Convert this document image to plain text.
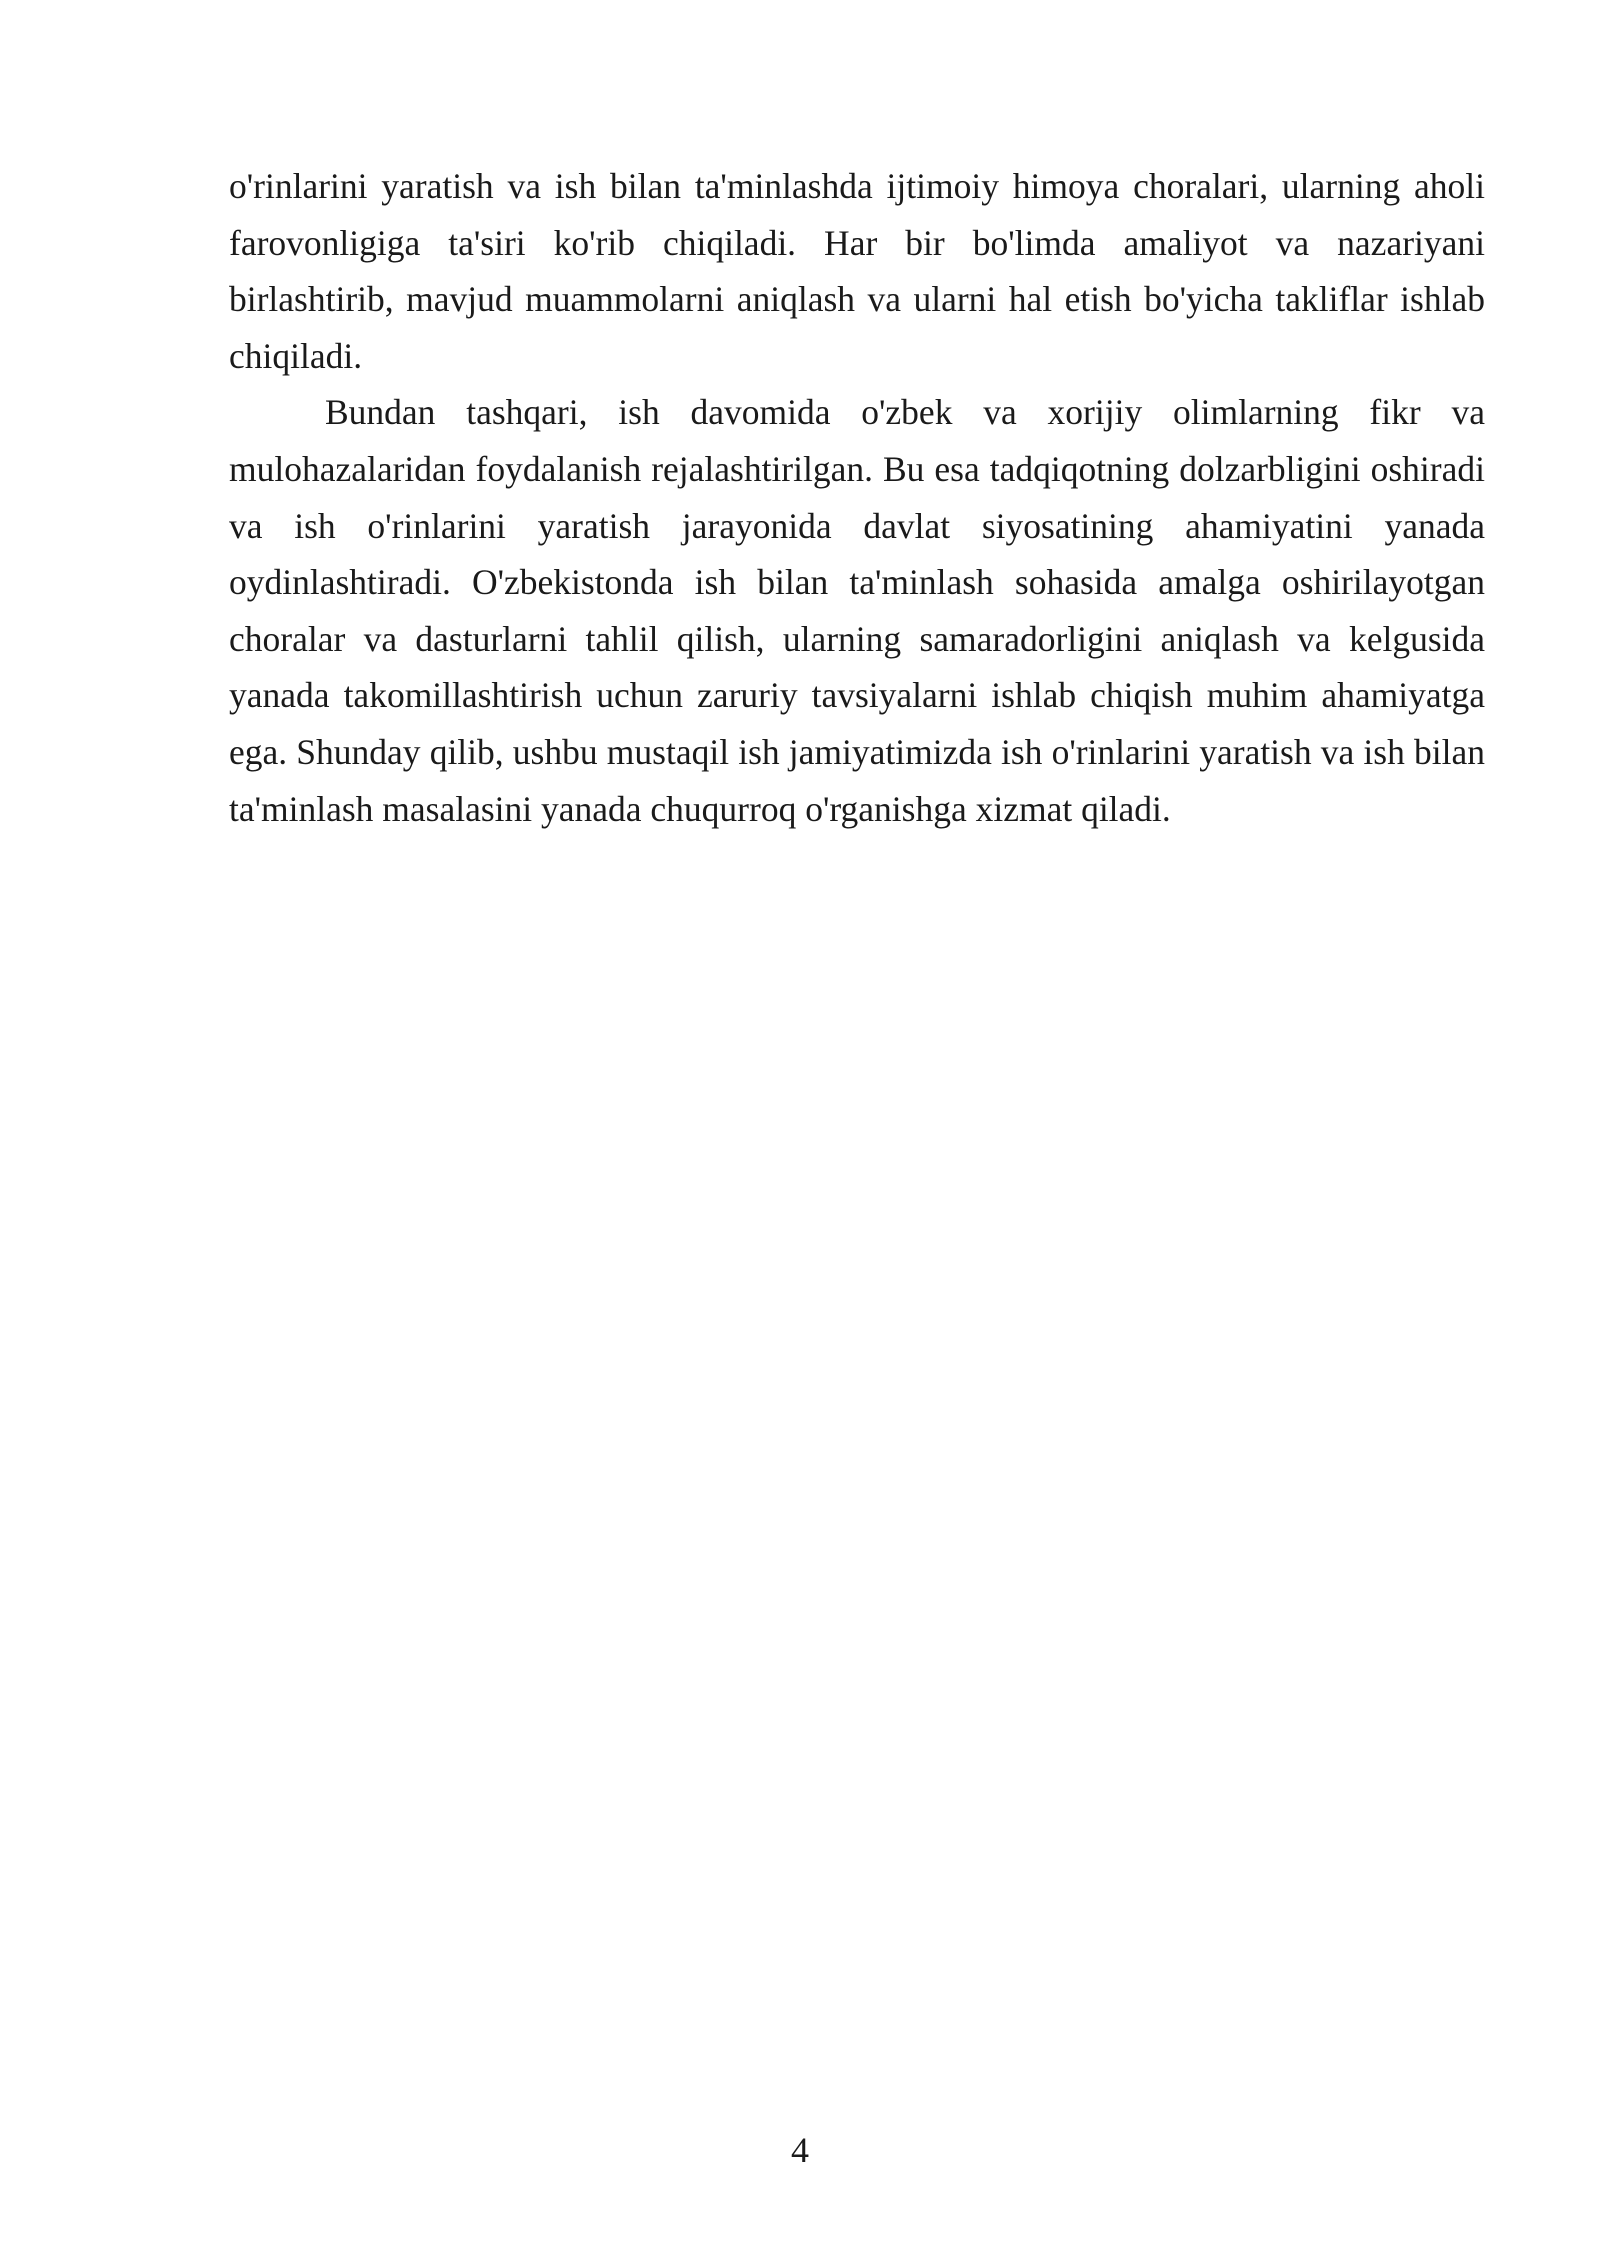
o'rinlarini yaratish va ish bilan ta'minlashda ijtimoiy himoya choralari, ularning aholi farovonligiga ta'siri ko'rib chiqiladi. Har bir bo'limda amaliyot va nazariyani birlashtirib, mavjud muammolarni aniqlash va ularni hal etish bo'yicha takliflar ishlab chiqiladi.

Bundan tashqari, ish davomida o'zbek va xorijiy olimlarning fikr va mulohazalaridan foydalanish rejalashtirilgan. Bu esa tadqiqotning dolzarbligini oshiradi va ish o'rinlarini yaratish jarayonida davlat siyosatining ahamiyatini yanada oydinlashtiradi. O'zbekistonda ish bilan ta'minlash sohasida amalga oshirilayotgan choralar va dasturlarni tahlil qilish, ularning samaradorligini aniqlash va kelgusida yanada takomillashtirish uchun zaruriy tavsiyalarni ishlab chiqish muhim ahamiyatga ega. Shunday qilib, ushbu mustaqil ish jamiyatimizda ish o'rinlarini yaratish va ish bilan ta'minlash masalasini yanada chuqurroq o'rganishga xizmat qiladi.

4
